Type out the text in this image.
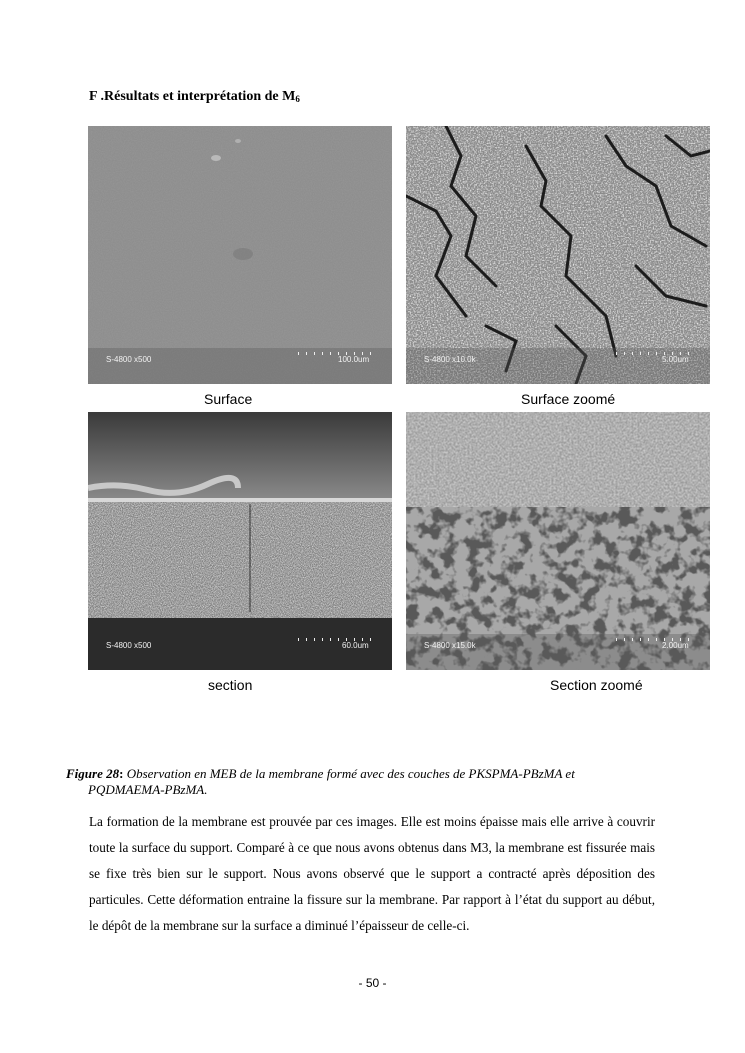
F .Résultats et interprétation de $M_6$
S-4800 x500	100.0um
Surface
S-4800 x10.0k	5.00um
Surface zoomé
S-4800 x500	60.0um
section
S-4800 x15.0k	2.00um
Section zoomé
Figure 28: Observation en MEB de la membrane formé avec des couches de PKSPMA-PBzMA et
PQDMAEMA-PBzMA.
La formation de la membrane est prouvée par ces images. Elle est moins épaisse mais elle arrive à couvrir toute la surface du support. Comparé à ce que nous avons obtenus dans M3, la membrane est fissurée mais se fixe très bien sur le support. Nous avons observé que le support a contracté après déposition des particules. Cette déformation entraine la fissure sur la membrane. Par rapport à l’état du support au début, le dépôt de la membrane sur la surface a diminué l’épaisseur de celle-ci.
- 50 -
